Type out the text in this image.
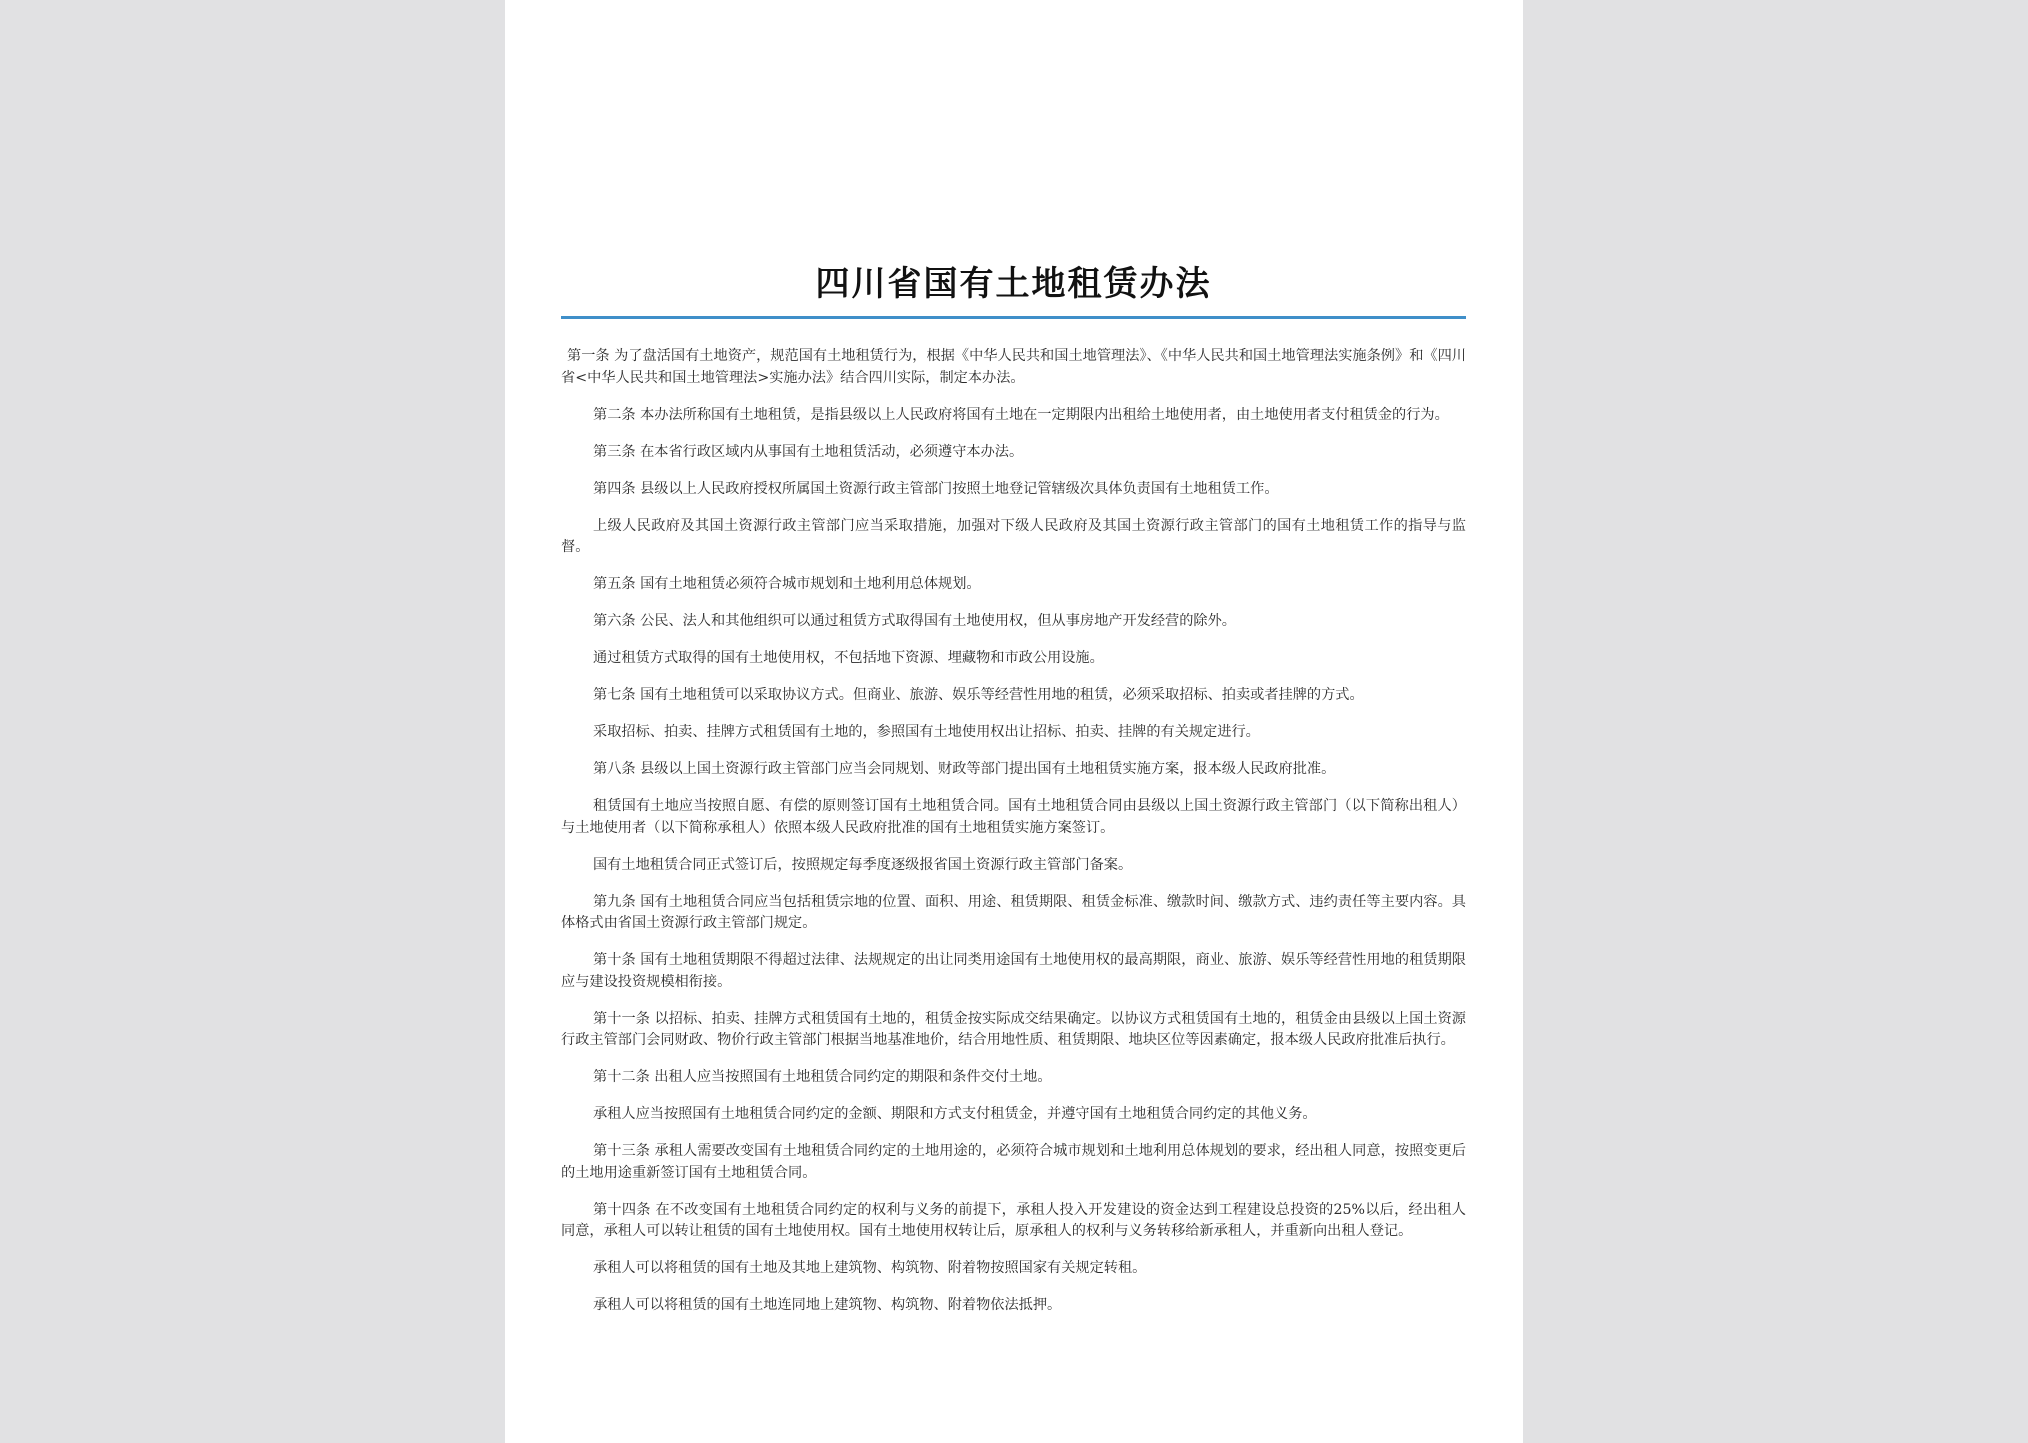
四川省国有土地租赁办法

第一条 为了盘活国有土地资产，规范国有土地租赁行为，根据《中华人民共和国土地管理法》、《中华人民共和国土地管理法实施条例》和《四川省<中华人民共和国土地管理法>实施办法》结合四川实际，制定本办法。

第二条 本办法所称国有土地租赁，是指县级以上人民政府将国有土地在一定期限内出租给土地使用者，由土地使用者支付租赁金的行为。

第三条 在本省行政区域内从事国有土地租赁活动，必须遵守本办法。

第四条 县级以上人民政府授权所属国土资源行政主管部门按照土地登记管辖级次具体负责国有土地租赁工作。

上级人民政府及其国土资源行政主管部门应当采取措施，加强对下级人民政府及其国土资源行政主管部门的国有土地租赁工作的指导与监督。

第五条 国有土地租赁必须符合城市规划和土地利用总体规划。

第六条 公民、法人和其他组织可以通过租赁方式取得国有土地使用权，但从事房地产开发经营的除外。

通过租赁方式取得的国有土地使用权，不包括地下资源、埋藏物和市政公用设施。

第七条 国有土地租赁可以采取协议方式。但商业、旅游、娱乐等经营性用地的租赁，必须采取招标、拍卖或者挂牌的方式。

采取招标、拍卖、挂牌方式租赁国有土地的，参照国有土地使用权出让招标、拍卖、挂牌的有关规定进行。

第八条 县级以上国土资源行政主管部门应当会同规划、财政等部门提出国有土地租赁实施方案，报本级人民政府批准。

租赁国有土地应当按照自愿、有偿的原则签订国有土地租赁合同。国有土地租赁合同由县级以上国土资源行政主管部门（以下简称出租人）与土地使用者（以下简称承租人）依照本级人民政府批准的国有土地租赁实施方案签订。

国有土地租赁合同正式签订后，按照规定每季度逐级报省国土资源行政主管部门备案。

第九条 国有土地租赁合同应当包括租赁宗地的位置、面积、用途、租赁期限、租赁金标准、缴款时间、缴款方式、违约责任等主要内容。具体格式由省国土资源行政主管部门规定。

第十条 国有土地租赁期限不得超过法律、法规规定的出让同类用途国有土地使用权的最高期限，商业、旅游、娱乐等经营性用地的租赁期限应与建设投资规模相衔接。

第十一条 以招标、拍卖、挂牌方式租赁国有土地的，租赁金按实际成交结果确定。以协议方式租赁国有土地的，租赁金由县级以上国土资源行政主管部门会同财政、物价行政主管部门根据当地基准地价，结合用地性质、租赁期限、地块区位等因素确定，报本级人民政府批准后执行。

第十二条 出租人应当按照国有土地租赁合同约定的期限和条件交付土地。

承租人应当按照国有土地租赁合同约定的金额、期限和方式支付租赁金，并遵守国有土地租赁合同约定的其他义务。

第十三条 承租人需要改变国有土地租赁合同约定的土地用途的，必须符合城市规划和土地利用总体规划的要求，经出租人同意，按照变更后的土地用途重新签订国有土地租赁合同。

第十四条 在不改变国有土地租赁合同约定的权利与义务的前提下，承租人投入开发建设的资金达到工程建设总投资的25%以后，经出租人同意，承租人可以转让租赁的国有土地使用权。国有土地使用权转让后，原承租人的权利与义务转移给新承租人，并重新向出租人登记。

承租人可以将租赁的国有土地及其地上建筑物、构筑物、附着物按照国家有关规定转租。

承租人可以将租赁的国有土地连同地上建筑物、构筑物、附着物依法抵押。
